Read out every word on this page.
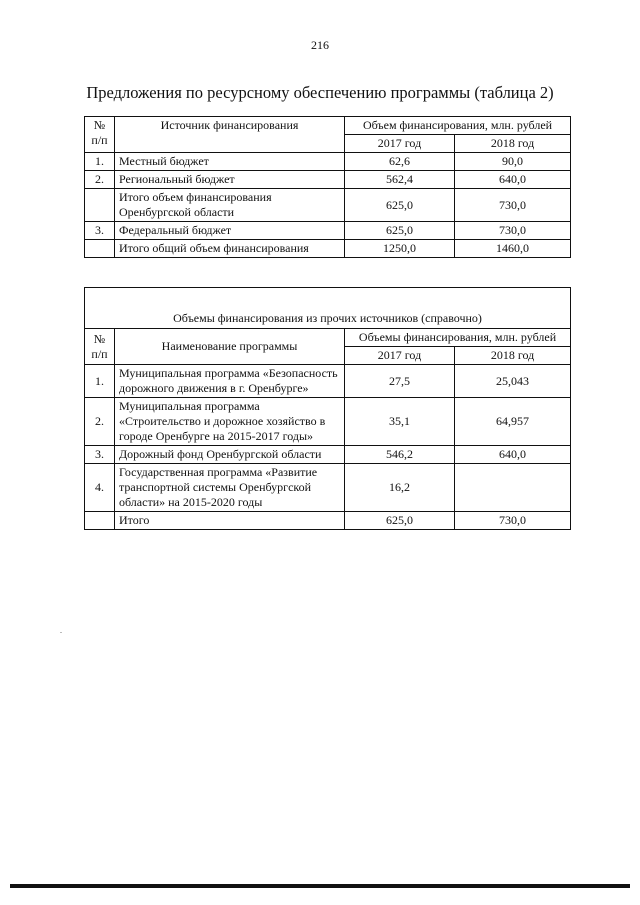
216
Предложения по ресурсному обеспечению программы (таблица 2)
№ п/п	Источник финансирования	Объем финансирования, млн. рублей	
		2017 год	2018 год
1.	Местный бюджет	62,6	90,0
2.	Региональный бюджет	562,4	640,0
	Итого объем финансирования Оренбургской области	625,0	730,0
3.	Федеральный бюджет	625,0	730,0
	Итого общий объем финансирования	1250,0	1460,0
Объемы финансирования из прочих источников (справочно)			
№ п/п	Наименование программы	Объемы финансирования, млн. рублей	
		2017 год	2018 год
1.	Муниципальная программа «Безопасность дорожного движения в г. Оренбурге»	27,5	25,043
2.	Муниципальная программа «Строительство и дорожное хозяйство в городе Оренбурге на 2015-2017 годы»	35,1	64,957
3.	Дорожный фонд Оренбургской области	546,2	640,0
4.	Государственная программа «Развитие транспортной системы Оренбургской области» на 2015-2020 годы	16,2	
	Итого	625,0	730,0
